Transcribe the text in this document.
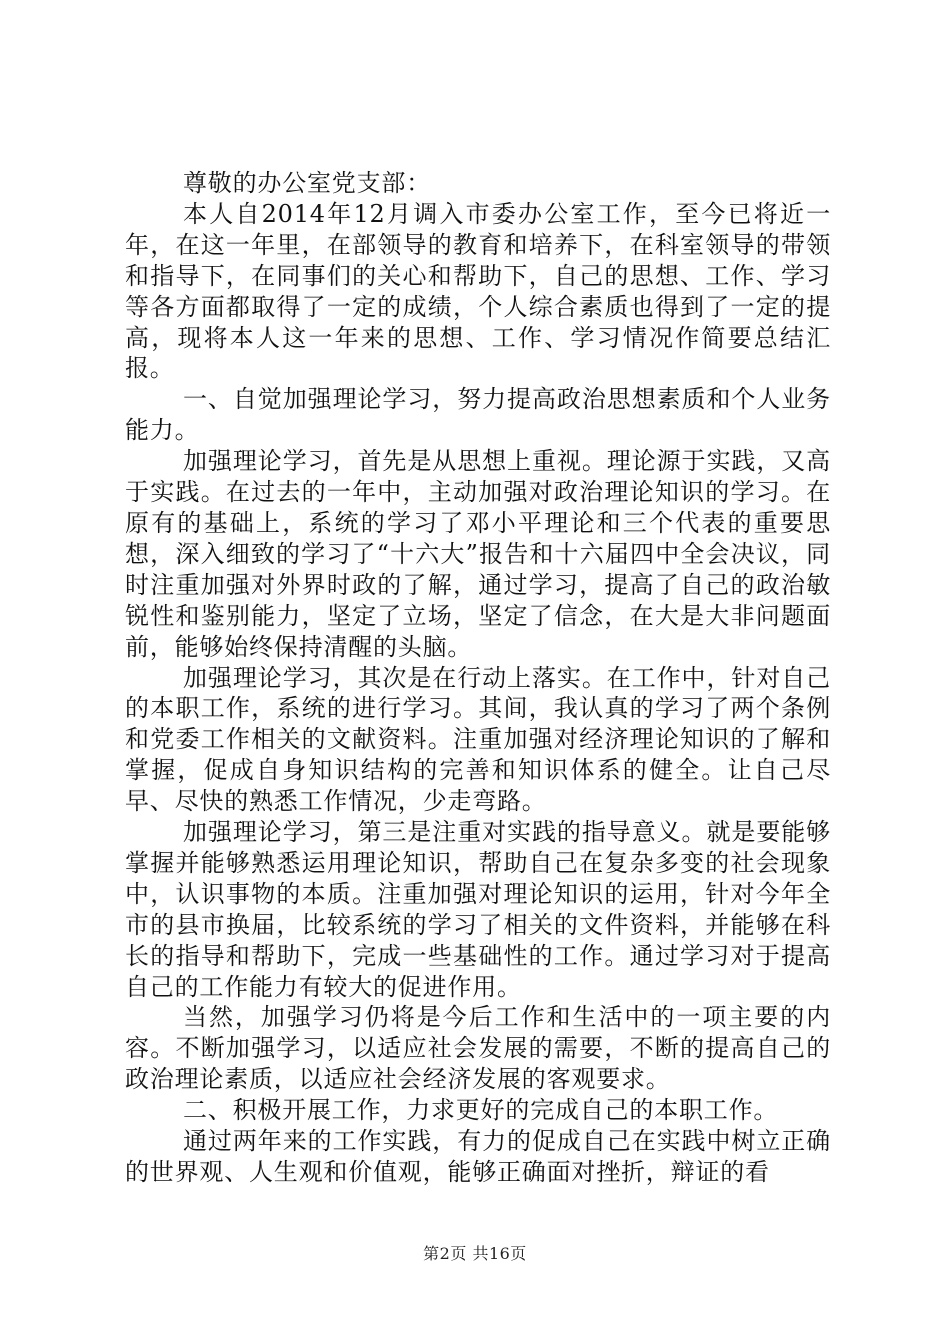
尊敬的办公室党支部：

本人自2014年12月调入市委办公室工作，至今已将近一年，在这一年里，在部领导的教育和培养下，在科室领导的带领和指导下，在同事们的关心和帮助下，自己的思想、工作、学习等各方面都取得了一定的成绩，个人综合素质也得到了一定的提高，现将本人这一年来的思想、工作、学习情况作简要总结汇报。

一、自觉加强理论学习，努力提高政治思想素质和个人业务能力。

加强理论学习，首先是从思想上重视。理论源于实践，又高于实践。在过去的一年中，主动加强对政治理论知识的学习。在原有的基础上，系统的学习了邓小平理论和三个代表的重要思想，深入细致的学习了“十六大”报告和十六届四中全会决议，同时注重加强对外界时政的了解，通过学习，提高了自己的政治敏锐性和鉴别能力，坚定了立场，坚定了信念，在大是大非问题面前，能够始终保持清醒的头脑。

加强理论学习，其次是在行动上落实。在工作中，针对自己的本职工作，系统的进行学习。其间，我认真的学习了两个条例和党委工作相关的文献资料。注重加强对经济理论知识的了解和掌握，促成自身知识结构的完善和知识体系的健全。让自己尽早、尽快的熟悉工作情况，少走弯路。

加强理论学习，第三是注重对实践的指导意义。就是要能够掌握并能够熟悉运用理论知识，帮助自己在复杂多变的社会现象中，认识事物的本质。注重加强对理论知识的运用，针对今年全市的县市换届，比较系统的学习了相关的文件资料，并能够在科长的指导和帮助下，完成一些基础性的工作。通过学习对于提高自己的工作能力有较大的促进作用。

当然，加强学习仍将是今后工作和生活中的一项主要的内容。不断加强学习，以适应社会发展的需要，不断的提高自己的政治理论素质，以适应社会经济发展的客观要求。

二、积极开展工作，力求更好的完成自己的本职工作。

通过两年来的工作实践，有力的促成自己在实践中树立正确的世界观、人生观和价值观，能够正确面对挫折，辩证的看

第2页 共16页
